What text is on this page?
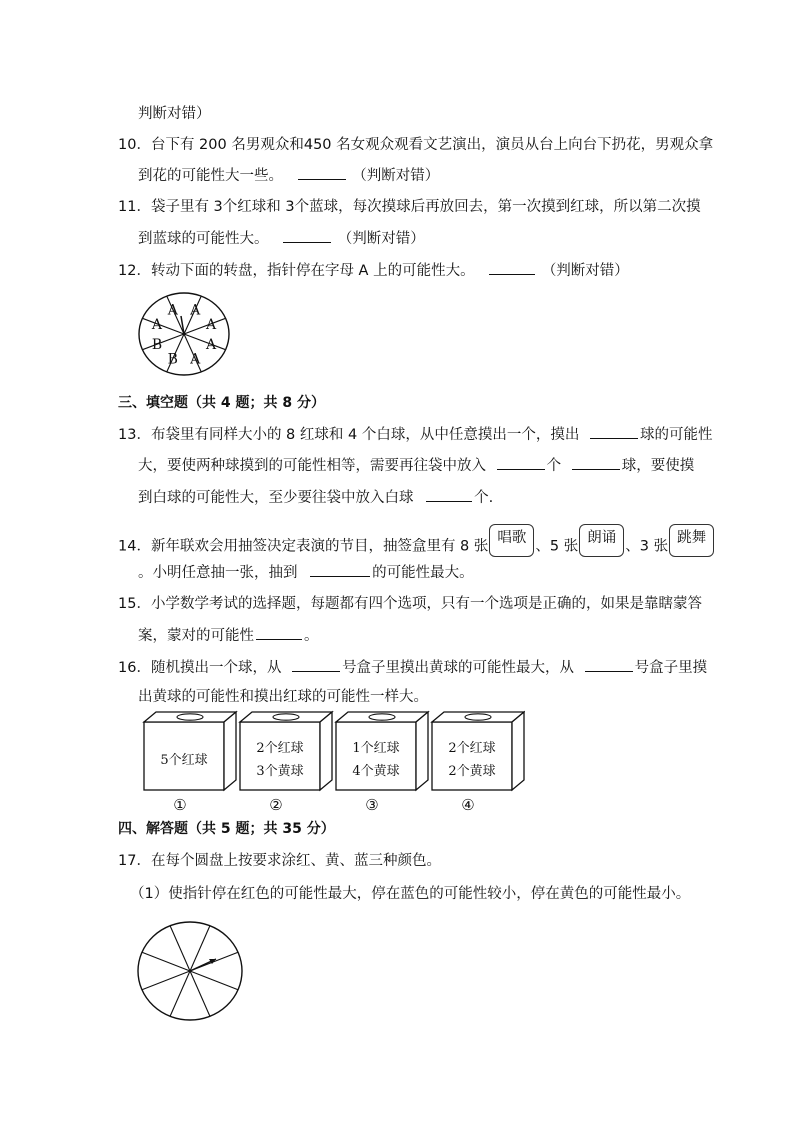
判断对错）
10．台下有 200 名男观众和450 名女观众观看文艺演出，演员从台上向台下扔花，男观众拿
到花的可能性大一些。	（判断对错）
11．袋子里有 3个红球和 3个蓝球，每次摸球后再放回去，第一次摸到红球，所以第二次摸
到蓝球的可能性大。	（判断对错）
12．转动下面的转盘，指针停在字母 A 上的可能性大。	（判断对错）
A A
A
A
A
B
B
A
三、填空题（共 4 题；共 8 分）
13．布袋里有同样大小的 8 红球和 4 个白球，从中任意摸出一个，摸出	球的可能性
大，要使两种球摸到的可能性相等，需要再往袋中放入	个	球，要使摸
到白球的可能性大，至少要往袋中放入白球	个.
14．新年联欢会用抽签决定表演的节目，抽签盒里有 8 张唱歌、5 张朗诵、3 张跳舞
。小明任意抽一张，抽到	的可能性最大。
15．小学数学考试的选择题，每题都有四个选项，只有一个选项是正确的，如果是靠瞎蒙答
案，蒙对的可能性	。
16．随机摸出一个球，从	号盒子里摸出黄球的可能性最大，从	号盒子里摸
出黄球的可能性和摸出红球的可能性一样大。
5个红球
①
2个红球
3个黄球
②
1个红球
4个黄球
③
2个红球
2个黄球
④
四、解答题（共 5 题；共 35 分）
17．在每个圆盘上按要求涂红、黄、蓝三种颜色。
（1）使指针停在红色的可能性最大，停在蓝色的可能性较小，停在黄色的可能性最小。
